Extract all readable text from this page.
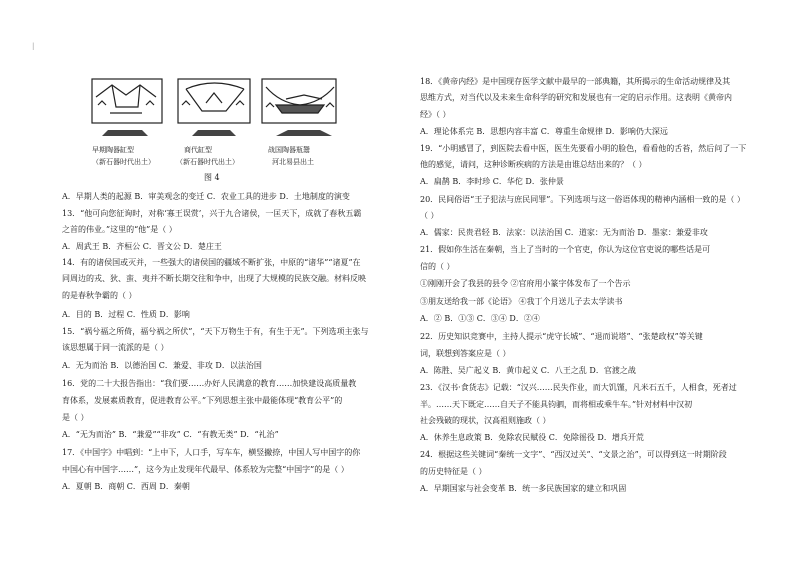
|
早期陶器缸型
（新石器时代出土）
商代缸型
（新石器时代出土）
战国陶器瓶鬶
河北易县出土
图 4
A．早期人类的起源 B．审美观念的变迁 C．农业工具的进步 D．土地制度的演变
13．“他可向您征询时，对称‘寡王误赏’，兴于九合诸侯，一匡天下，成就了春秋五霸
之首的伟业。”这里的“他”是（ ）
A．周武王 B．齐桓公 C．晋文公 D．楚庄王
14．有的诸侯国或灭并，一些强大的诸侯国的疆域不断扩张，中原的“诸华”“诸夏”在
同周边的戎、狄、蛮、夷并不断长期交往和争中，出现了大规模的民族交融。材料反映
的是春秋争霸的（ ）
A．目的 B．过程 C．性质 D．影响
15．“祸兮福之所倚，福兮祸之所伏”，“天下万物生于有，有生于无”。下列选项主张与
该思想属于同一流派的是（ ）
A．无为而治 B．以德治国 C．兼爱、非攻 D．以法治国
16．党的二十大报告指出：“我们要……办好人民满意的教育……加快建设高质量教
育体系，发展素质教育，促进教育公平。”下列思想主张中最能体现“教育公平”的
是（ ）
A．“无为而治” B．“兼爱”“非攻” C．“有教无类” D．“礼治”
17．《中国字》中唱到：“上中下，人口手，写车车，横竖撇捺，中国人写中国字的你
中国心有中国字……”，这今为止发现年代最早、体系较为完整“中国字”的是（ ）
A．夏朝 B．商朝 C．西周 D．秦朝
18．《黄帝内经》是中国现存医学文献中最早的一部典籍，其所揭示的生命活动规律及其
思维方式，对当代以及未来生命科学的研究和发展也有一定的启示作用。这表明《黄帝内
经》（ ）
A．理论体系完 B．思想内容丰富 C．尊重生命规律 D．影响仍大深远
19．“小明感冒了，到医院去看中医，医生先要看小明的脸色，看看他的舌苔，然后问了一下
他的感觉，请问，这种诊断疾病的方法是由谁总结出来的？（ ）
A．扁鹊 B．李时珍 C．华佗 D．张仲景
20．民间俗语“王子犯法与庶民同罪”。下列选项与这一俗语体现的精神内涵相一致的是（ ）
（ ）
A．儒家：民贵君轻 B．法家：以法治国 C．道家：无为而治 D．墨家：兼爱非攻
21．假如你生活在秦朝，当上了当时的一个官吏，你认为这位官吏说的哪些话是可
信的（ ）
①刚刚开会了我县的县令 ②官府用小篆字体发布了一个告示
③朋友送给我一部《论语》 ④我丁个月送儿子去太学读书
A．② B．①③ C．③④ D．②④
22．历史知识竞赛中，主持人提示“虎守长城”、“退而说塔”、“张楚政权”等关键
词，联想到答案应是（ ）
A．陈胜、吴广起义 B．黄巾起义 C．八王之乱 D．官渡之战
23．《汉书·食货志》记载：“汉兴……民失作业，而大饥馑，凡米石五千，人相食，死者过
半。……天下既定……自天子不能具钧驷，而将相或乘牛车。”针对材料中汉初
社会残破的现状，汉高祖则施政（ ）
A．休养生息政策 B．免除农民赋役 C．免除徭役 D．增兵开荒
24．根据这些关键词“秦统一文字”、“西汉过关”、“文景之治”，可以得到这一时期阶段
的历史特征是（ ）
A．早期国家与社会变革 B．统一多民族国家的建立和巩固
